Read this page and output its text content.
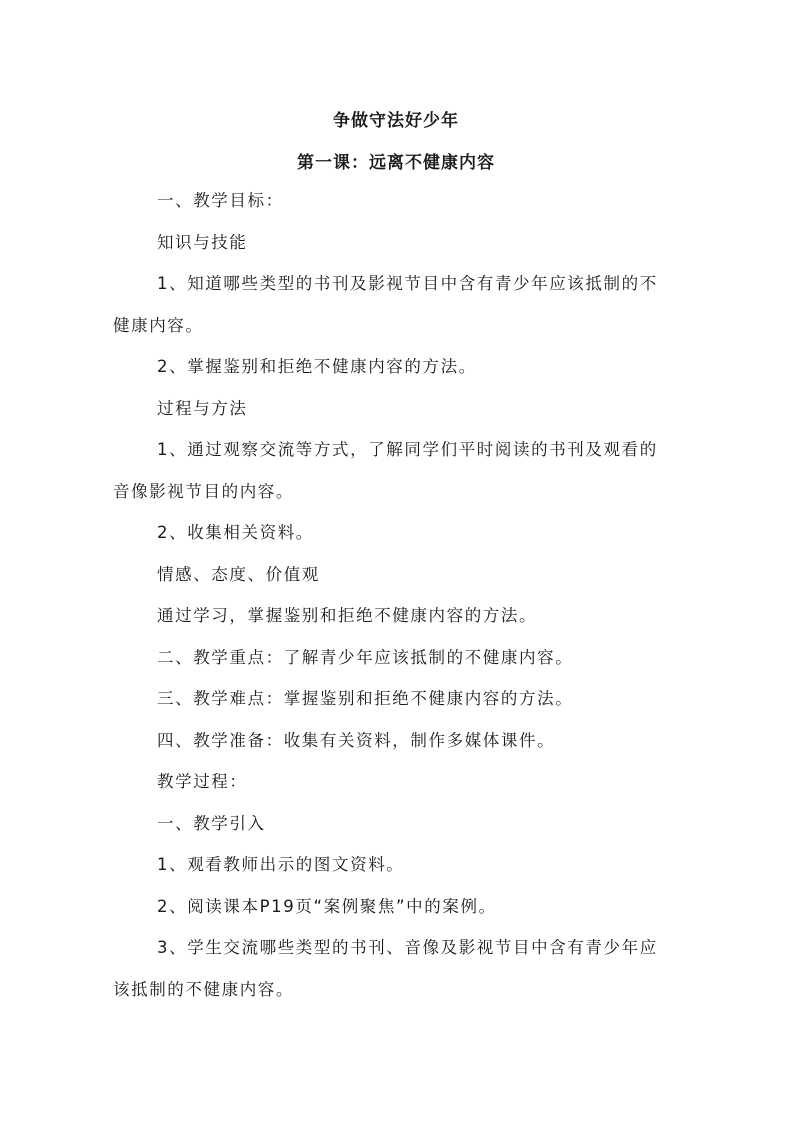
争做守法好少年
第一课：远离不健康内容
一、教学目标：
知识与技能
1、知道哪些类型的书刊及影视节目中含有青少年应该抵制的不
健康内容。
2、掌握鉴别和拒绝不健康内容的方法。
过程与方法
1、通过观察交流等方式，了解同学们平时阅读的书刊及观看的
音像影视节目的内容。
2、收集相关资料。
情感、态度、价值观
通过学习，掌握鉴别和拒绝不健康内容的方法。
二、教学重点：了解青少年应该抵制的不健康内容。
三、教学难点：掌握鉴别和拒绝不健康内容的方法。
四、教学准备：收集有关资料，制作多媒体课件。
教学过程：
一、教学引入
1、观看教师出示的图文资料。
2、阅读课本P19页“案例聚焦”中的案例。
3、学生交流哪些类型的书刊、音像及影视节目中含有青少年应
该抵制的不健康内容。
